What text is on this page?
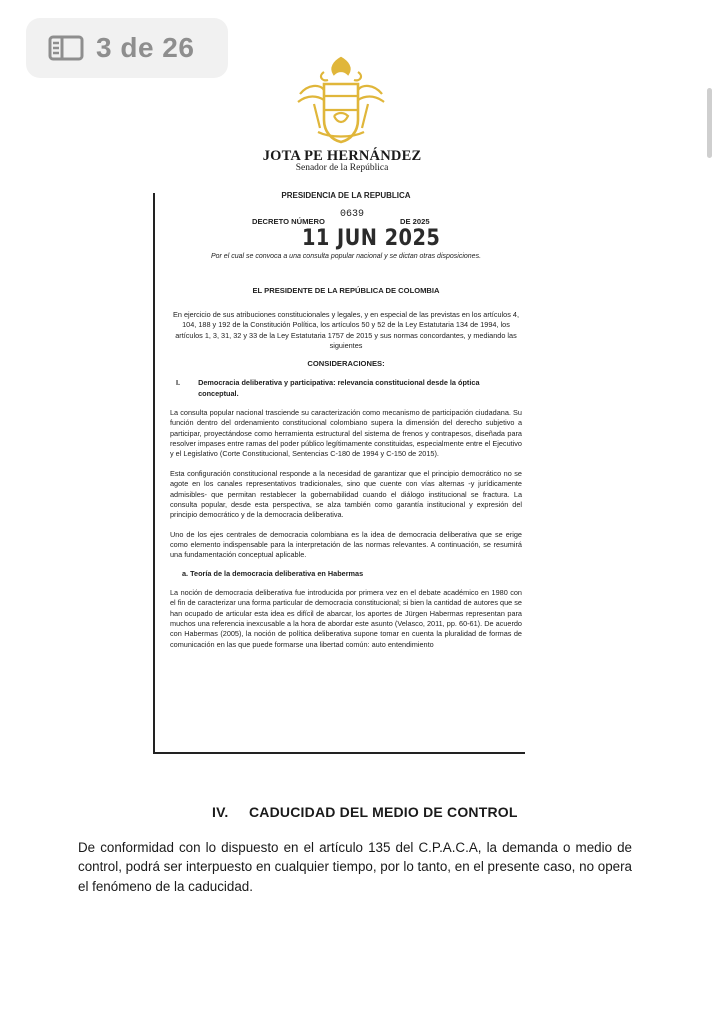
3 de 26
JOTA PE HERNÁNDEZ
Senador de la República
PRESIDENCIA DE LA REPUBLICA
DECRETO NÚMERO
0639
DE 2025
11 JUN 2025
Por el cual se convoca a una consulta popular nacional y se dictan otras disposiciones.
EL PRESIDENTE DE LA REPÚBLICA DE COLOMBIA
En ejercicio de sus atribuciones constitucionales y legales, y en especial de las previstas en los artículos 4, 104, 188 y 192 de la Constitución Política, los artículos 50 y 52 de la Ley Estatutaria 134 de 1994, los artículos 1, 3, 31, 32 y 33 de la Ley Estatutaria 1757 de 2015 y sus normas concordantes, y mediando las siguientes
CONSIDERACIONES:
I. Democracia deliberativa y participativa: relevancia constitucional desde la óptica conceptual.

La consulta popular nacional trasciende su caracterización como mecanismo de participación ciudadana. Su función dentro del ordenamiento constitucional colombiano supera la dimensión del derecho subjetivo a participar, proyectándose como herramienta estructural del sistema de frenos y contrapesos, diseñada para resolver impases entre ramas del poder público legítimamente constituidas, especialmente entre el Ejecutivo y el Legislativo (Corte Constitucional, Sentencias C-180 de 1994 y C-150 de 2015).

Esta configuración constitucional responde a la necesidad de garantizar que el principio democrático no se agote en los canales representativos tradicionales, sino que cuente con vías alternas -y jurídicamente admisibles- que permitan restablecer la gobernabilidad cuando el diálogo institucional se fractura. La consulta popular, desde esta perspectiva, se alza también como garantía institucional y expresión del principio democrático y de la democracia deliberativa.

Uno de los ejes centrales de democracia colombiana es la idea de democracia deliberativa que se erige como elemento indispensable para la interpretación de las normas relevantes. A continuación, se resumirá una fundamentación conceptual aplicable.

a. Teoría de la democracia deliberativa en Habermas

La noción de democracia deliberativa fue introducida por primera vez en el debate académico en 1980 con el fin de caracterizar una forma particular de democracia constitucional; si bien la cantidad de autores que se han ocupado de articular esta idea es difícil de abarcar, los aportes de Jürgen Habermas representan para muchos una referencia inexcusable a la hora de abordar este asunto (Velasco, 2011, pp. 60-61). De acuerdo con Habermas (2005), la noción de política deliberativa supone tomar en cuenta la pluralidad de formas de comunicación en las que puede formarse una libertad común: auto entendimiento

IV. CADUCIDAD DEL MEDIO DE CONTROL
De conformidad con lo dispuesto en el artículo 135 del C.P.A.C.A, la demanda o medio de control, podrá ser interpuesto en cualquier tiempo, por lo tanto, en el presente caso, no opera el fenómeno de la caducidad.
